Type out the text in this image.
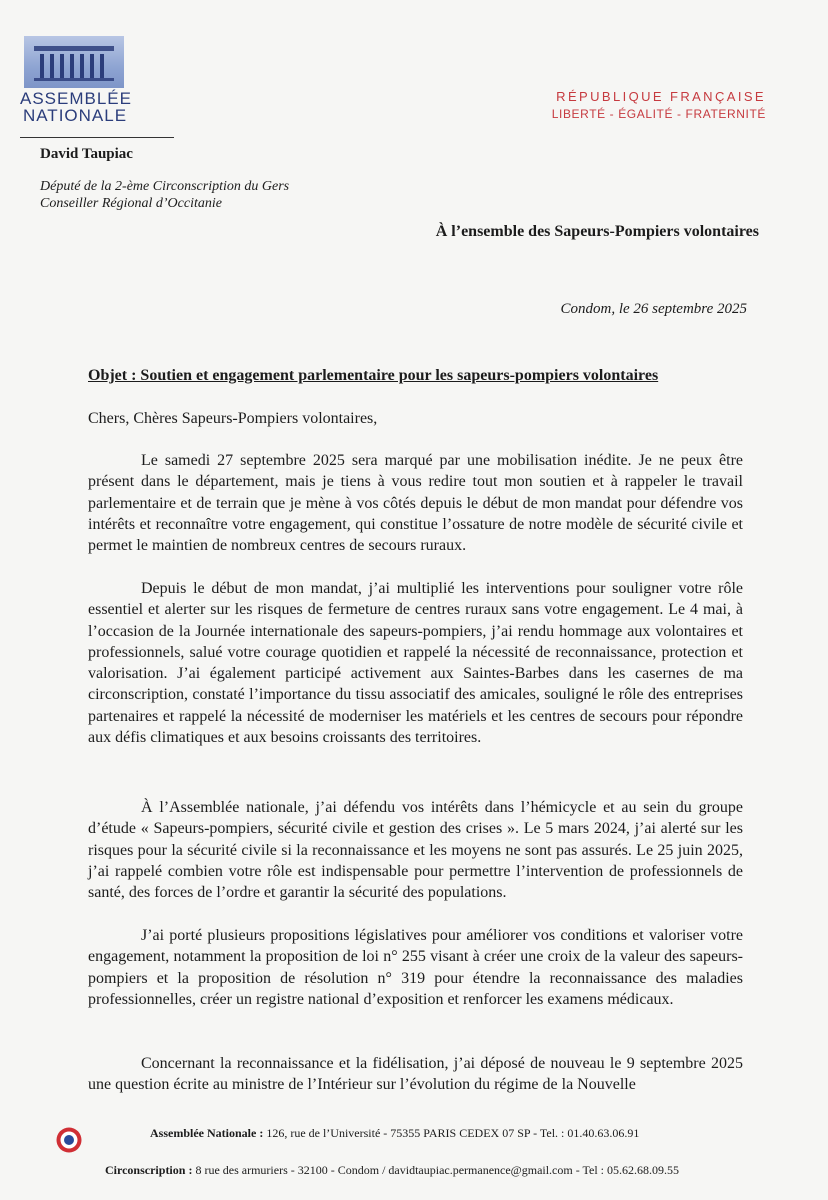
ASSEMBLÉE
NATIONALE
RÉPUBLIQUE FRANÇAISE
LIBERTÉ - ÉGALITÉ - FRATERNITÉ
David Taupiac
Député de la 2-ème Circonscription du Gers
Conseiller Régional d’Occitanie
À l’ensemble des Sapeurs-Pompiers volontaires
Condom, le 26 septembre 2025
Objet : Soutien et engagement parlementaire pour les sapeurs-pompiers volontaires
Chers, Chères Sapeurs-Pompiers volontaires,

Le samedi 27 septembre 2025 sera marqué par une mobilisation inédite. Je ne peux être présent dans le département, mais je tiens à vous redire tout mon soutien et à rappeler le travail parlementaire et de terrain que je mène à vos côtés depuis le début de mon mandat pour défendre vos intérêts et reconnaître votre engagement, qui constitue l’ossature de notre modèle de sécurité civile et permet le maintien de nombreux centres de secours ruraux.

Depuis le début de mon mandat, j’ai multiplié les interventions pour souligner votre rôle essentiel et alerter sur les risques de fermeture de centres ruraux sans votre engagement. Le 4 mai, à l’occasion de la Journée internationale des sapeurs-pompiers, j’ai rendu hommage aux volontaires et professionnels, salué votre courage quotidien et rappelé la nécessité de reconnaissance, protection et valorisation. J’ai également participé activement aux Saintes-Barbes dans les casernes de ma circonscription, constaté l’importance du tissu associatif des amicales, souligné le rôle des entreprises partenaires et rappelé la nécessité de moderniser les matériels et les centres de secours pour répondre aux défis climatiques et aux besoins croissants des territoires.

À l’Assemblée nationale, j’ai défendu vos intérêts dans l’hémicycle et au sein du groupe d’étude « Sapeurs-pompiers, sécurité civile et gestion des crises ». Le 5 mars 2024, j’ai alerté sur les risques pour la sécurité civile si la reconnaissance et les moyens ne sont pas assurés. Le 25 juin 2025, j’ai rappelé combien votre rôle est indispensable pour permettre l’intervention de professionnels de santé, des forces de l’ordre et garantir la sécurité des populations.

J’ai porté plusieurs propositions législatives pour améliorer vos conditions et valoriser votre engagement, notamment la proposition de loi n° 255 visant à créer une croix de la valeur des sapeurs-pompiers et la proposition de résolution n° 319 pour étendre la reconnaissance des maladies professionnelles, créer un registre national d’exposition et renforcer les examens médicaux.

Concernant la reconnaissance et la fidélisation, j’ai déposé de nouveau le 9 septembre 2025 une question écrite au ministre de l’Intérieur sur l’évolution du régime de la Nouvelle

Assemblée Nationale : 126, rue de l’Université - 75355 PARIS CEDEX 07 SP - Tel. : 01.40.63.06.91
Circonscription : 8 rue des armuriers - 32100 - Condom / davidtaupiac.permanence@gmail.com - Tel : 05.62.68.09.55
